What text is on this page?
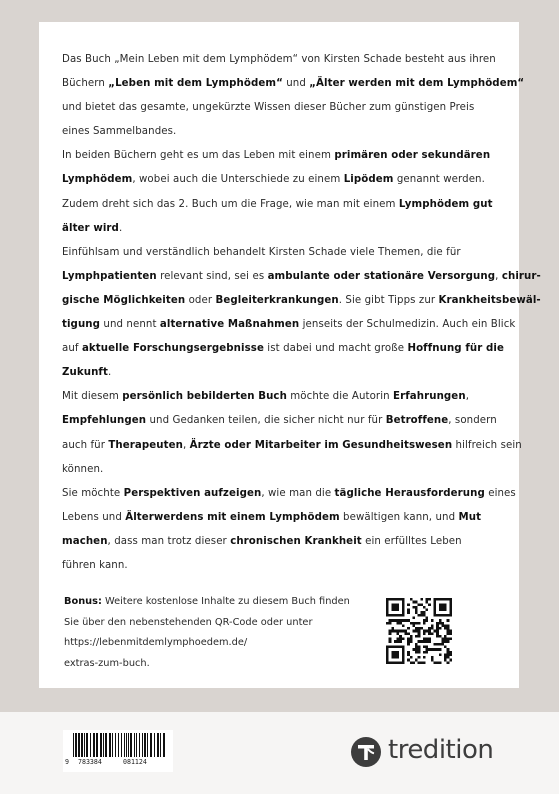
Das Buch „Mein Leben mit dem Lymphödem“ von Kirsten Schade besteht aus ihren
Büchern „Leben mit dem Lymphödem“ und „Älter werden mit dem Lymphödem“
und bietet das gesamte, ungekürzte Wissen dieser Bücher zum günstigen Preis
eines Sammelbandes.
In beiden Büchern geht es um das Leben mit einem primären oder sekundären
Lymphödem, wobei auch die Unterschiede zu einem Lipödem genannt werden.
Zudem dreht sich das 2. Buch um die Frage, wie man mit einem Lymphödem gut
älter wird.
Einfühlsam und verständlich behandelt Kirsten Schade viele Themen, die für
Lymphpatienten relevant sind, sei es ambulante oder stationäre Versorgung, chirur-
gische Möglichkeiten oder Begleiterkrankungen. Sie gibt Tipps zur Krankheitsbewäl-
tigung und nennt alternative Maßnahmen jenseits der Schulmedizin. Auch ein Blick
auf aktuelle Forschungsergebnisse ist dabei und macht große Hoffnung für die
Zukunft.
Mit diesem persönlich bebilderten Buch möchte die Autorin Erfahrungen,
Empfehlungen und Gedanken teilen, die sicher nicht nur für Betroffene, sondern
auch für Therapeuten, Ärzte oder Mitarbeiter im Gesundheitswesen hilfreich sein
können.
Sie möchte Perspektiven aufzeigen, wie man die tägliche Herausforderung eines
Lebens und Älterwerdens mit einem Lymphödem bewältigen kann, und Mut
machen, dass man trotz dieser chronischen Krankheit ein erfülltes Leben
führen kann.
Bonus: Weitere kostenlose Inhalte zu diesem Buch finden
Sie über den nebenstehenden QR-Code oder unter
https://lebenmitdemlymphoedem.de/
extras-zum-buch.
9 783384	081124	tredition
